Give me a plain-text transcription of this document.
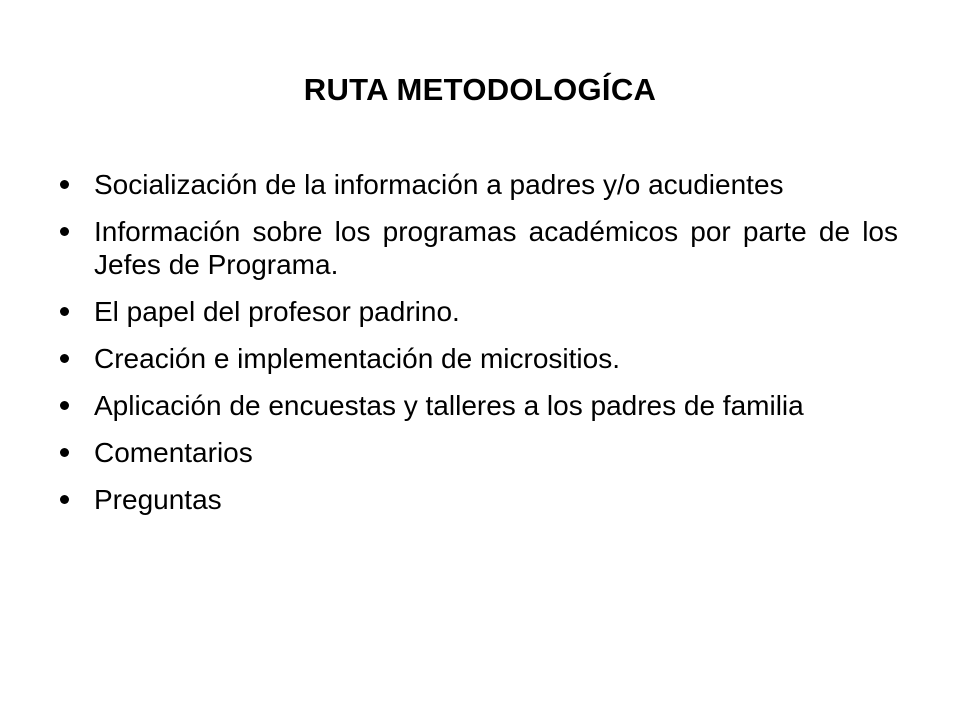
RUTA METODOLOGÍCA
Socialización de la información a padres y/o acudientes
Información sobre los programas académicos por parte de los Jefes de Programa.
El papel del profesor padrino.
Creación e implementación de micrositios.
Aplicación de encuestas y talleres a los padres de familia
Comentarios
Preguntas
